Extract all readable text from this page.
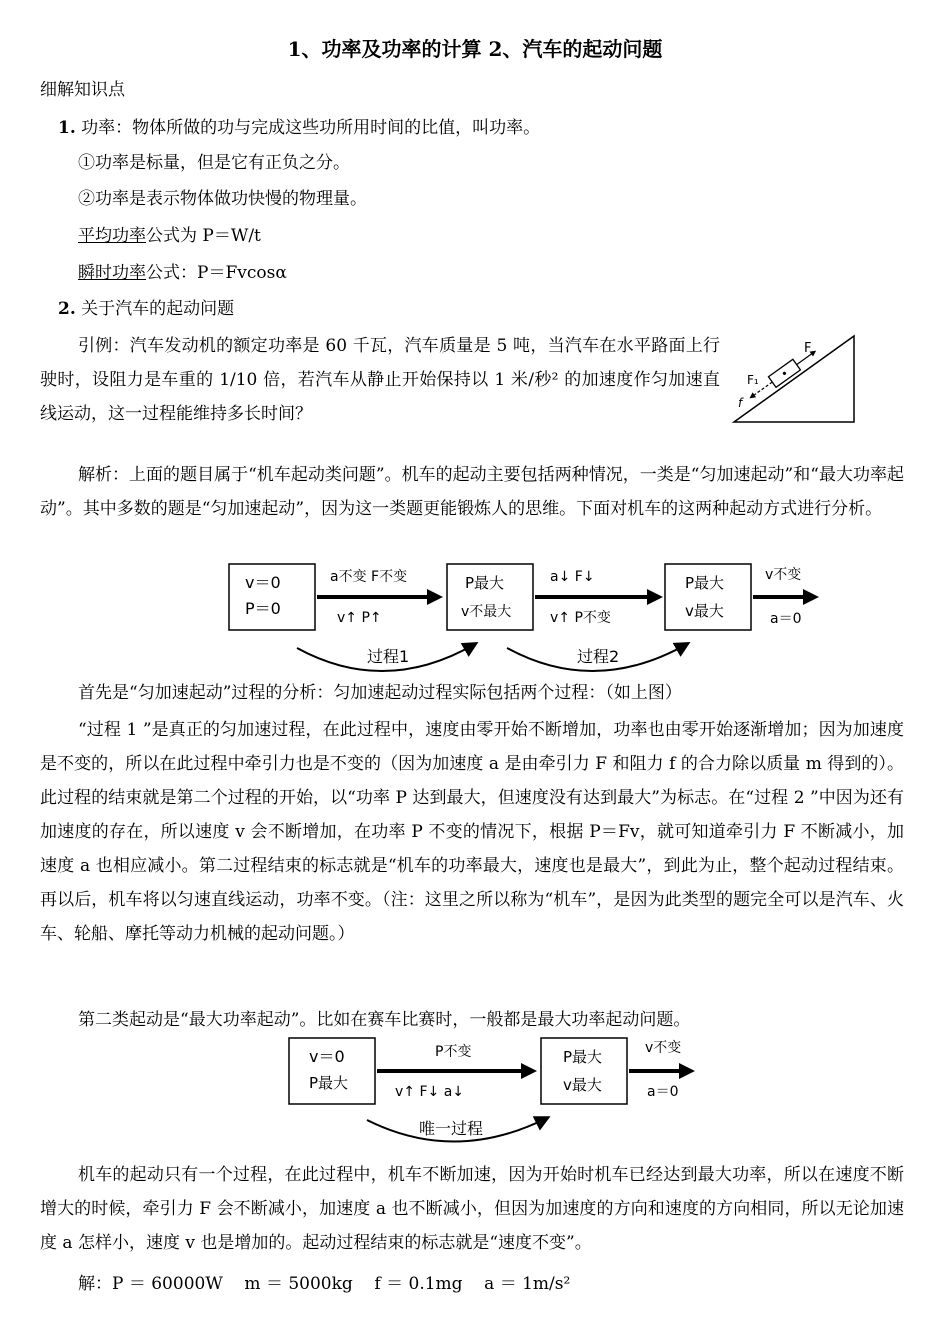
1、功率及功率的计算 2、汽车的起动问题
细解知识点
1. 功率：物体所做的功与完成这些功所用时间的比值，叫功率。
①功率是标量，但是它有正负之分。
②功率是表示物体做功快慢的物理量。
平均功率公式为 P＝W/t
瞬时功率公式：P＝Fvcosα
2. 关于汽车的起动问题
引例：汽车发动机的额定功率是 60 千瓦，汽车质量是 5 吨，当汽车在水平路面上行驶时，设阻力是车重的 1/10 倍，若汽车从静止开始保持以 1 米/秒² 的加速度作匀加速直线运动，这一过程能维持多长时间？
F
F₁
f
解析：上面的题目属于“机车起动类问题”。机车的起动主要包括两种情况，一类是“匀加速起动”和“最大功率起动”。其中多数的题是“匀加速起动”，因为这一类题更能锻炼人的思维。下面对机车的这两种起动方式进行分析。
v＝0
P＝0
a不变 F不变
v↑ P↑
P最大
v不最大
a↓ F↓
v↑ P不变
P最大
v最大
v不变
a＝0
过程1	过程2
首先是“匀加速起动”过程的分析：匀加速起动过程实际包括两个过程：（如上图）
“过程 1 ”是真正的匀加速过程，在此过程中，速度由零开始不断增加，功率也由零开始逐渐增加；因为加速度是不变的，所以在此过程中牵引力也是不变的（因为加速度 a 是由牵引力 F 和阻力 f 的合力除以质量 m 得到的）。此过程的结束就是第二个过程的开始，以“功率 P 达到最大，但速度没有达到最大”为标志。在“过程 2 ”中因为还有加速度的存在，所以速度 v 会不断增加，在功率 P 不变的情况下，根据 P＝Fv，就可知道牵引力 F 不断减小，加速度 a 也相应减小。第二过程结束的标志就是“机车的功率最大，速度也是最大”，到此为止，整个起动过程结束。再以后，机车将以匀速直线运动，功率不变。（注：这里之所以称为“机车”，是因为此类型的题完全可以是汽车、火车、轮船、摩托等动力机械的起动问题。）
第二类起动是“最大功率起动”。比如在赛车比赛时，一般都是最大功率起动问题。
v＝0
P最大
P不变
v↑ F↓ a↓
P最大
v最大
v不变
a＝0
唯一过程
机车的起动只有一个过程，在此过程中，机车不断加速，因为开始时机车已经达到最大功率，所以在速度不断增大的时候，牵引力 F 会不断减小，加速度 a 也不断减小，但因为加速度的方向和速度的方向相同，所以无论加速度 a 怎样小，速度 v 也是增加的。起动过程结束的标志就是“速度不变”。
解：P ＝ 60000W    m ＝ 5000kg    f ＝ 0.1mg    a ＝ 1m/s²
